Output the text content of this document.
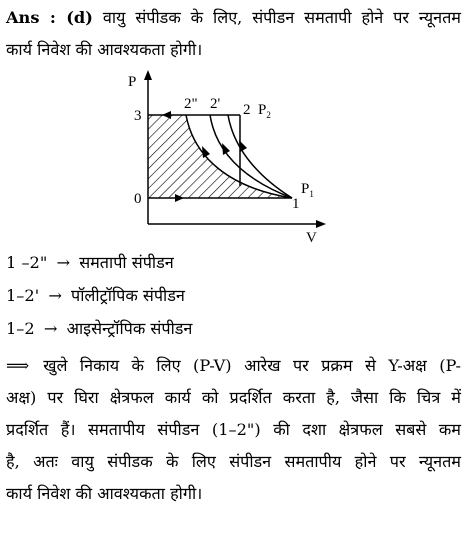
Ans : (d) वायु संपीडक के लिए, संपीडन समतापी होने पर न्यूनतम
कार्य निवेश की आवश्यकता होगी।
P
V
3
0
2" 2' 2 $P_2$
1
$P_1$
1 –2" → समतापी संपीडन
1–2' → पॉलीट्रॉपिक संपीडन
1–2 → आइसेन्ट्रॉपिक संपीडन
⟹ खुले निकाय के लिए (P-V) आरेख पर प्रक्रम से Y-अक्ष (P-
अक्ष) पर घिरा क्षेत्रफल कार्य को प्रदर्शित करता है, जैसा कि चित्र में
प्रदर्शित हैं। समतापीय संपीडन (1–2") की दशा क्षेत्रफल सबसे कम
है, अतः वायु संपीडक के लिए संपीडन समतापीय होने पर न्यूनतम
कार्य निवेश की आवश्यकता होगी।
